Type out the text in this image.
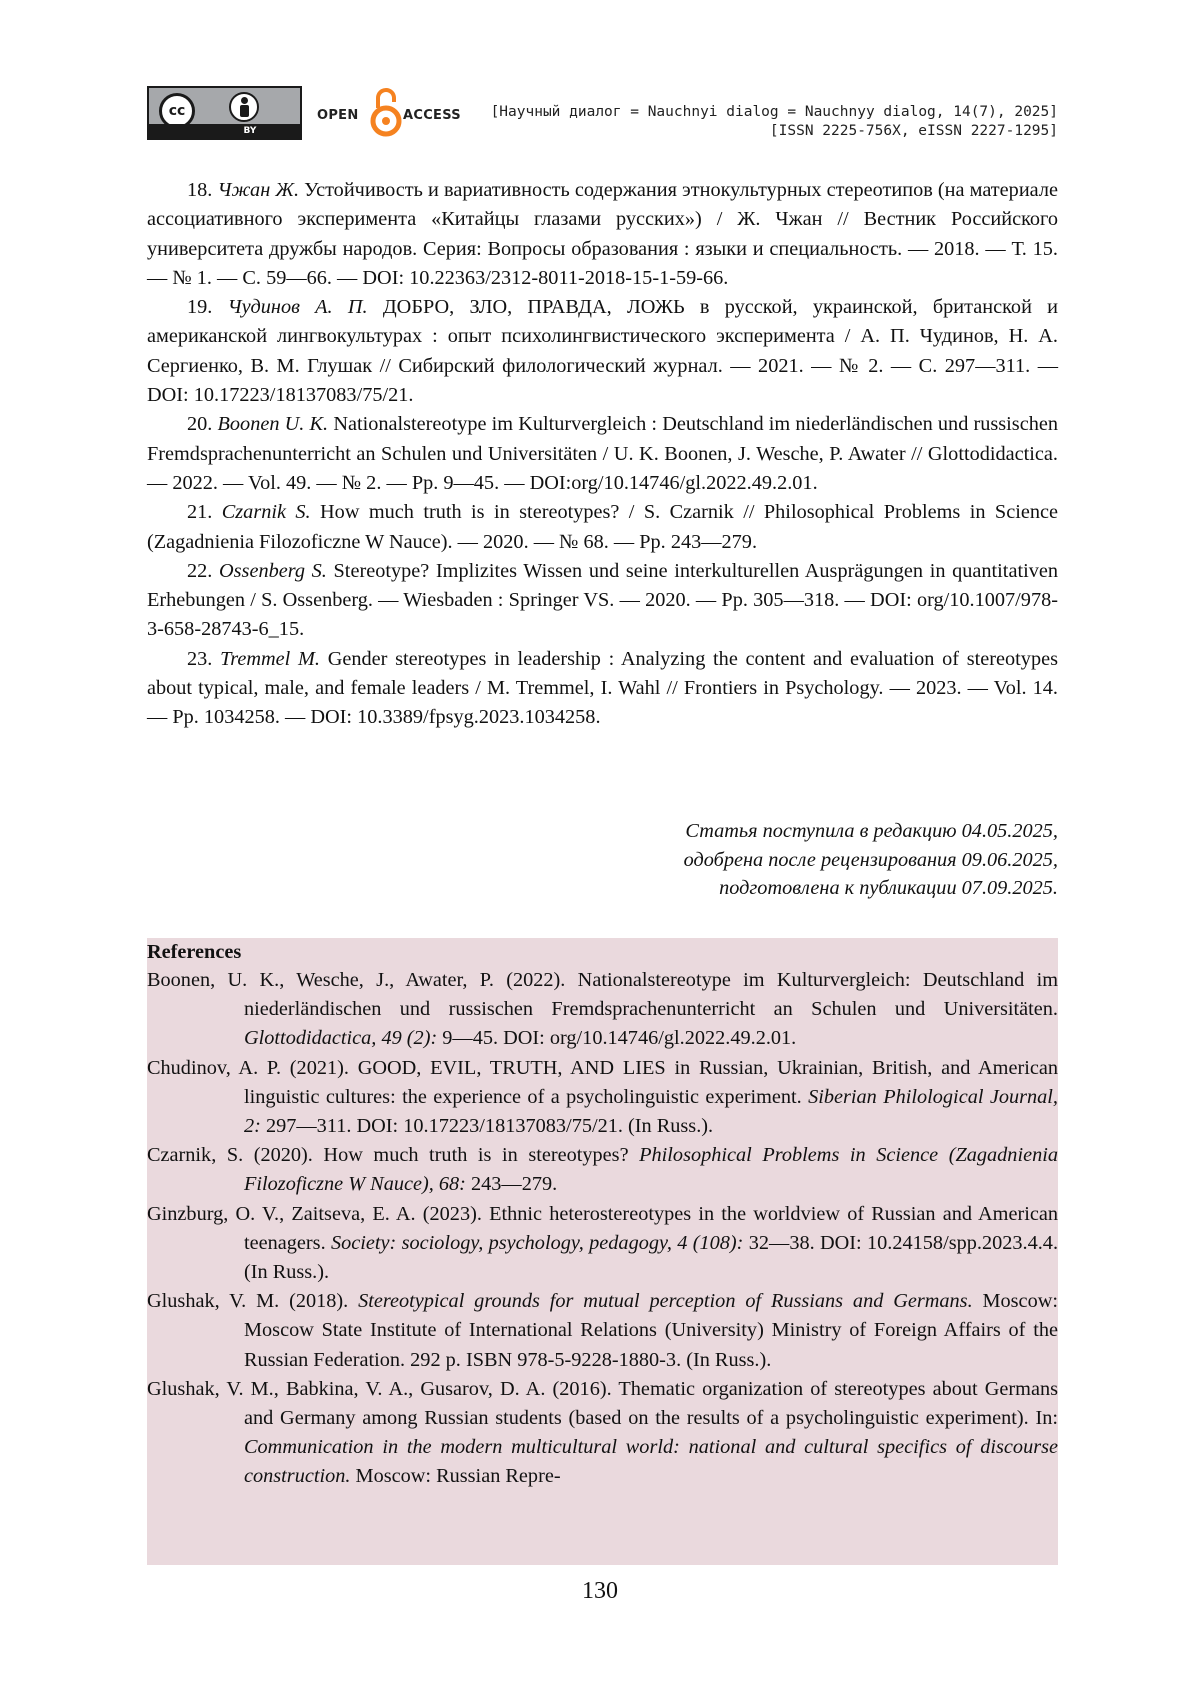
cc
BY
OPEN	ACCESS [Научный диалог = Nauchnyi dialog = Nauchnyy dialog, 14(7), 2025]
[ISSN 2225-756X, eISSN 2227-1295]

18. Чжан Ж. Устойчивость и вариативность содержания этнокультурных стереотипов (на материале ассоциативного эксперимента «Китайцы глазами русских») / Ж. Чжан // Вестник Российского университета дружбы народов. Серия: Вопросы образования : языки и специальность. — 2018. — Т. 15. — № 1. — С. 59—66. — DOI: 10.22363/2312-8011-2018-15-1-59-66.

19. Чудинов А. П. ДОБРО, ЗЛО, ПРАВДА, ЛОЖЬ в русской, украинской, британской и американской лингвокультурах : опыт психолингвистического эксперимента / А. П. Чудинов, Н. А. Сергиенко, В. М. Глушак // Сибирский филологический журнал. — 2021. — № 2. — С. 297—311. — DOI: 10.17223/18137083/75/21.

20. Boonen U. K. Nationalstereotype im Kulturvergleich : Deutschland im niederländischen und russischen Fremdsprachenunterricht an Schulen und Universitäten / U. K. Boonen, J. Wesche, P. Awater // Glottodidactica. — 2022. — Vol. 49. — № 2. — Pp. 9—45. — DOI:org/10.14746/gl.2022.49.2.01.

21. Czarnik S. How much truth is in stereotypes? / S. Czarnik // Philosophical Problems in Science (Zagadnienia Filozoficzne W Nauce). — 2020. — № 68. — Pp. 243—279.

22. Ossenberg S. Stereotype? Implizites Wissen und seine interkulturellen Ausprägungen in quantitativen Erhebungen / S. Ossenberg. — Wiesbaden : Springer VS. — 2020. — Pp. 305—318. — DOI: org/10.1007/978-3-658-28743-6_15.

23. Tremmel M. Gender stereotypes in leadership : Analyzing the content and evaluation of stereotypes about typical, male, and female leaders / M. Tremmel, I. Wahl // Frontiers in Psychology. — 2023. — Vol. 14. — Pp. 1034258. — DOI: 10.3389/fpsyg.2023.1034258.

Статья поступила в редакцию 04.05.2025,
одобрена после рецензирования 09.06.2025,
подготовлена к публикации 07.09.2025.
References

Boonen, U. K., Wesche, J., Awater, P. (2022). Nationalstereotype im Kulturvergleich: Deutschland im niederländischen und russischen Fremdsprachenunterricht an Schulen und Universitäten. Glottodidactica, 49 (2): 9—45. DOI: org/10.14746/gl.2022.49.2.01.

Chudinov, A. P. (2021). GOOD, EVIL, TRUTH, AND LIES in Russian, Ukrainian, British, and American linguistic cultures: the experience of a psycholinguistic experiment. Siberian Philological Journal, 2: 297—311. DOI: 10.17223/18137083/75/21. (In Russ.).

Czarnik, S. (2020). How much truth is in stereotypes? Philosophical Problems in Science (Zagadnienia Filozoficzne W Nauce), 68: 243—279.

Ginzburg, O. V., Zaitseva, E. A. (2023). Ethnic heterostereotypes in the worldview of Russian and American teenagers. Society: sociology, psychology, pedagogy, 4 (108): 32—38. DOI: 10.24158/spp.2023.4.4. (In Russ.).

Glushak, V. M. (2018). Stereotypical grounds for mutual perception of Russians and Germans. Moscow: Moscow State Institute of International Relations (University) Ministry of Foreign Affairs of the Russian Federation. 292 p. ISBN 978-5-9228-1880-3. (In Russ.).

Glushak, V. M., Babkina, V. A., Gusarov, D. A. (2016). Thematic organization of stereotypes about Germans and Germany among Russian students (based on the results of a psycholinguistic experiment). In: Communication in the modern multicultural world: national and cultural specifics of discourse construction. Moscow: Russian Repre-

130
